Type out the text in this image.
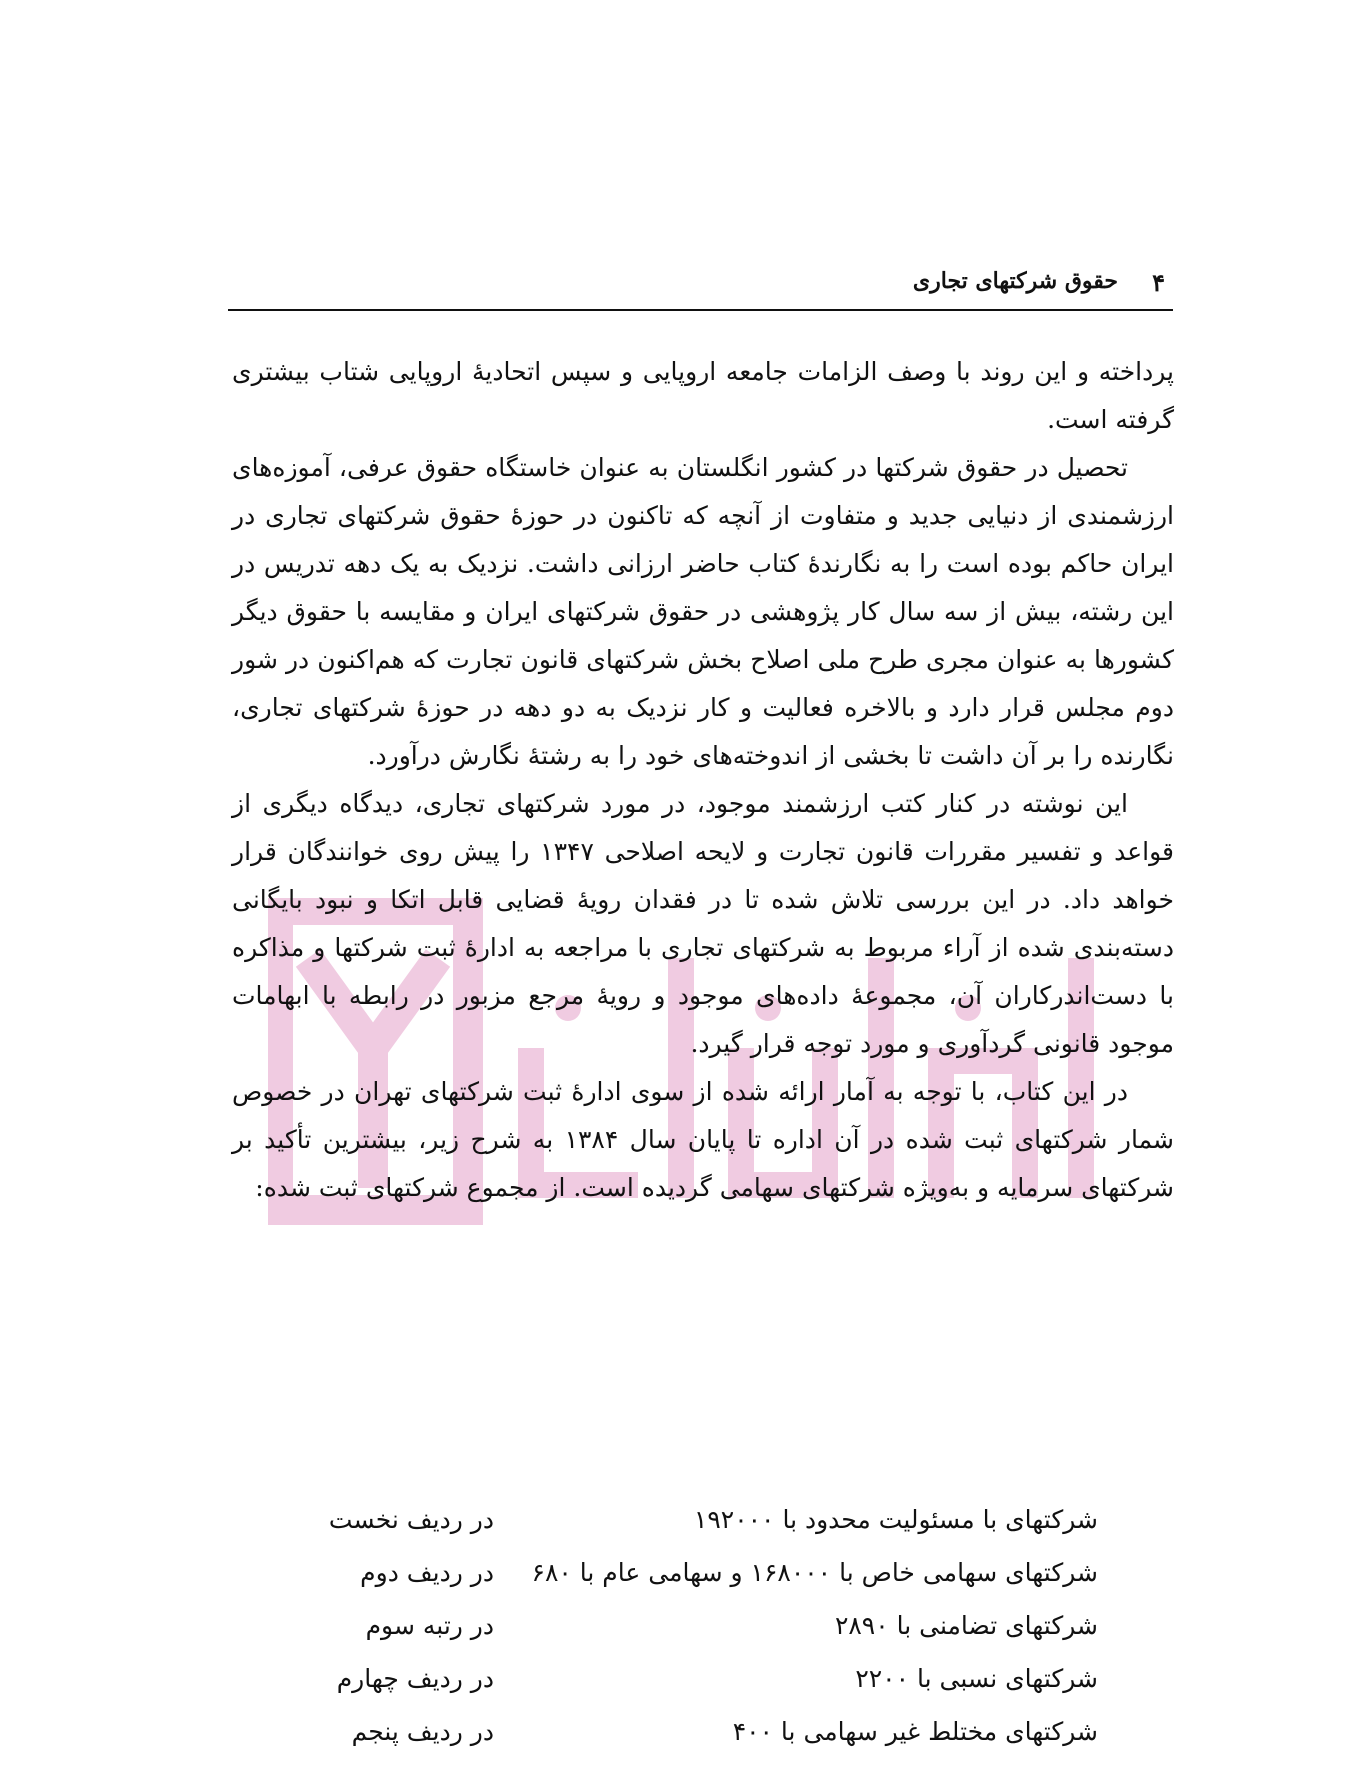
۴
حقوق شرکتهای تجاری

پرداخته و این روند با وصف الزامات جامعه اروپایی و سپس اتحادیهٔ اروپایی شتاب بیشتری گرفته است.

تحصیل در حقوق شرکتها در کشور انگلستان به عنوان خاستگاه حقوق عرفی، آموزه‌های ارزشمندی از دنیایی جدید و متفاوت از آنچه که تاکنون در حوزهٔ حقوق شرکتهای تجاری در ایران حاکم بوده است را به نگارندهٔ کتاب حاضر ارزانی داشت. نزدیک به یک دهه تدریس در این رشته، بیش از سه سال کار پژوهشی در حقوق شرکتهای ایران و مقایسه با حقوق دیگر کشورها به عنوان مجری طرح ملی اصلاح بخش شرکتهای قانون تجارت که هم‌اکنون در شور دوم مجلس قرار دارد و بالاخره فعالیت و کار نزدیک به دو دهه در حوزهٔ شرکتهای تجاری، نگارنده را بر آن داشت تا بخشی از اندوخته‌های خود را به رشتهٔ نگارش درآورد.

این نوشته در کنار کتب ارزشمند موجود، در مورد شرکتهای تجاری، دیدگاه دیگری از قواعد و تفسیر مقررات قانون تجارت و لایحه اصلاحی ۱۳۴۷ را پیش روی خوانندگان قرار خواهد داد. در این بررسی تلاش شده تا در فقدان رویهٔ قضایی قابل اتکا و نبود بایگانی دسته‌بندی شده از آراء مربوط به شرکتهای تجاری با مراجعه به ادارهٔ ثبت شرکتها و مذاکره با دست‌اندرکاران آن، مجموعهٔ داده‌های موجود و رویهٔ مرجع مزبور در رابطه با ابهامات موجود قانونی گردآوری و مورد توجه قرار گیرد.

در این کتاب، با توجه به آمار ارائه شده از سوی ادارهٔ ثبت شرکتهای تهران در خصوص شمار شرکتهای ثبت شده در آن اداره تا پایان سال ۱۳۸۴ به شرح زیر، بیشترین تأکید بر شرکتهای سرمایه و به‌ویژه شرکتهای سهامی گردیده است. از مجموع شرکتهای ثبت شده:

شرکتهای با مسئولیت محدود با ۱۹۲۰۰۰
در ردیف نخست
شرکتهای سهامی خاص با ۱۶۸۰۰۰ و سهامی عام با ۶۸۰
در ردیف دوم
شرکتهای تضامنی با ۲۸۹۰
در رتبه سوم
شرکتهای نسبی با ۲۲۰۰
در ردیف چهارم
شرکتهای مختلط غیر سهامی با ۴۰۰
در ردیف پنجم
